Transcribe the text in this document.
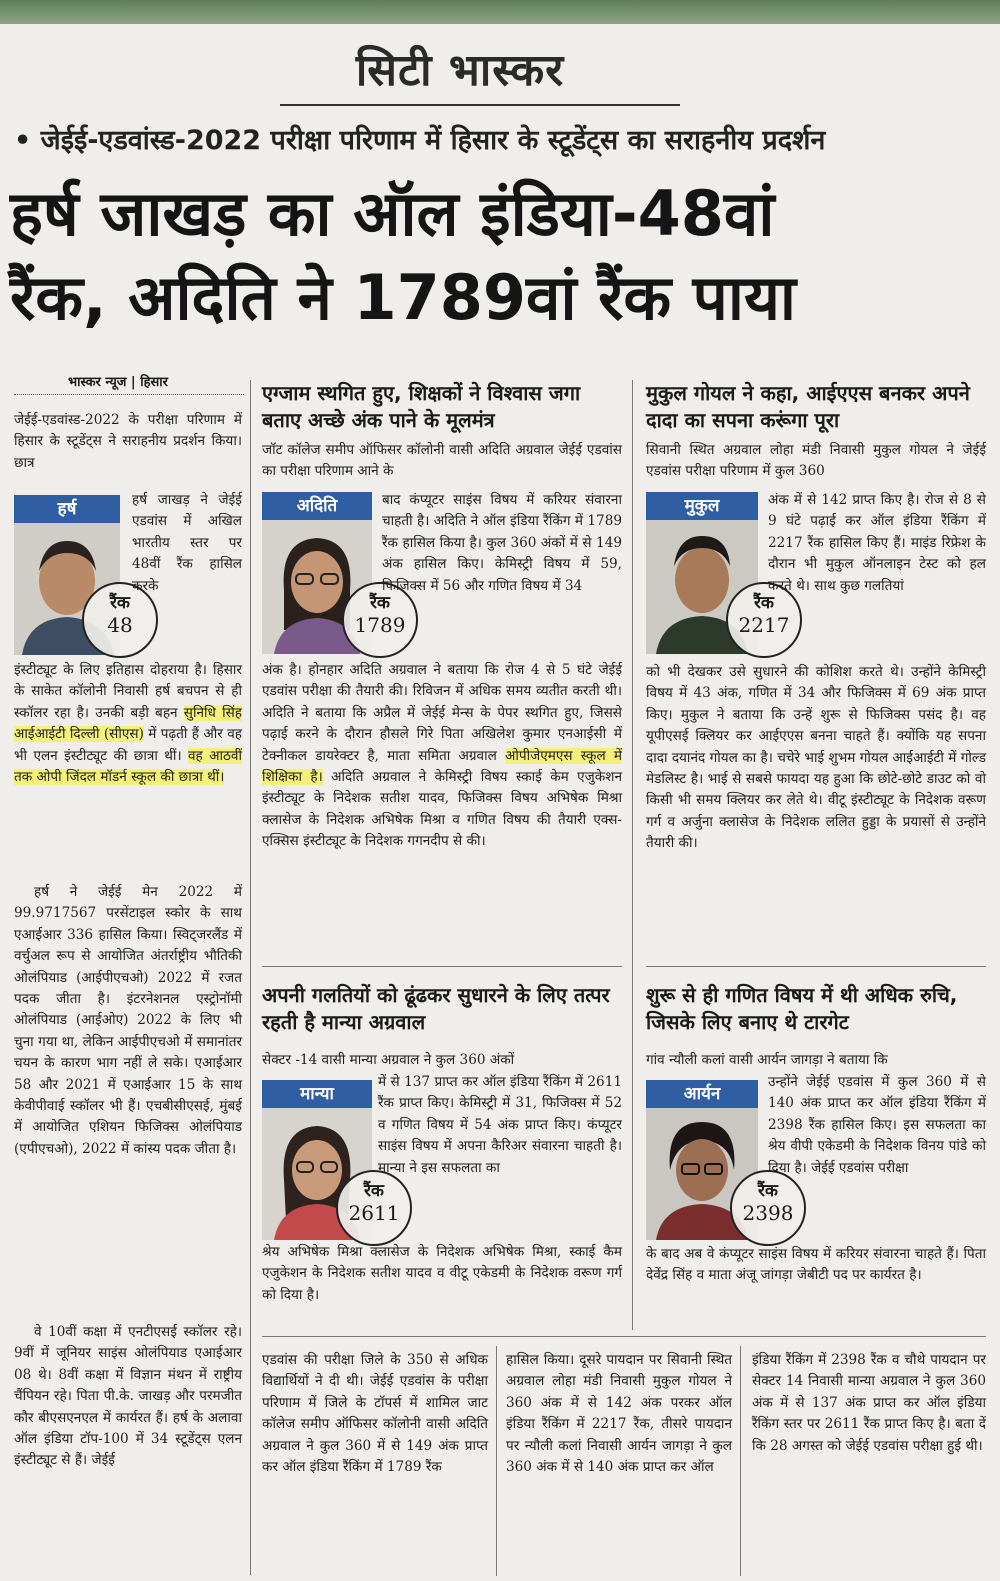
सिटी भास्कर
• जेईई-एडवांस्ड-2022 परीक्षा परिणाम में हिसार के स्टूडेंट्स का सराहनीय प्रदर्शन
हर्ष जाखड़ का ऑल इंडिया-48वां
रैंक, अदिति ने 1789वां रैंक पाया
भास्कर न्यूज | हिसार
जेईई-एडवांस्ड-2022 के परीक्षा परिणाम में हिसार के स्टूडेंट्स ने सराहनीय प्रदर्शन किया। छात्र
हर्ष
रैंक
48
हर्ष जाखड़ ने जेईई एडवांस में अखिल भारतीय स्तर पर 48वीं रैंक हासिल करके
इंस्टीट्यूट के लिए इतिहास दोहराया है। हिसार के साकेत कॉलोनी निवासी हर्ष बचपन से ही स्कॉलर रहा है। उनकी बड़ी बहन सुनिधि सिंह आईआईटी दिल्ली (सीएस) में पढ़ती हैं और वह भी एलन इंस्टीट्यूट की छात्रा थीं। वह आठवीं तक ओपी जिंदल मॉडर्न स्कूल की छात्रा थीं।
हर्ष ने जेईई मेन 2022 में 99.9717567 परसेंटाइल स्कोर के साथ एआईआर 336 हासिल किया। स्विट्जरलैंड में वर्चुअल रूप से आयोजित अंतर्राष्ट्रीय भौतिकी ओलंपियाड (आईपीएचओ) 2022 में रजत पदक जीता है। इंटरनेशनल एस्ट्रोनॉमी ओलंपियाड (आईओए) 2022 के लिए भी चुना गया था, लेकिन आईपीएचओ में समानांतर चयन के कारण भाग नहीं ले सके। एआईआर 58 और 2021 में एआईआर 15 के साथ केवीपीवाई स्कॉलर भी हैं। एचबीसीएसई, मुंबई में आयोजित एशियन फिजिक्स ओलंपियाड (एपीएचओ), 2022 में कांस्य पदक जीता है।
वे 10वीं कक्षा में एनटीएसई स्कॉलर रहे। 9वीं में जूनियर साइंस ओलंपियाड एआईआर 08 थे। 8वीं कक्षा में विज्ञान मंथन में राष्ट्रीय चैंपियन रहे। पिता पी.के. जाखड़ और परमजीत कौर बीएसएनएल में कार्यरत हैं। हर्ष के अलावा ऑल इंडिया टॉप-100 में 34 स्टूडेंट्स एलन इंस्टीट्यूट से हैं। जेईई
एग्जाम स्थगित हुए, शिक्षकों ने विश्वास जगा बताए अच्छे अंक पाने के मूलमंत्र
जॉट कॉलेज समीप ऑफिसर कॉलोनी वासी अदिति अग्रवाल जेईई एडवांस का परीक्षा परिणाम आने के
अदिति
रैंक
1789
बाद कंप्यूटर साइंस विषय में करियर संवारना चाहती है। अदिति ने ऑल इंडिया रैंकिंग में 1789 रैंक हासिल किया है। कुल 360 अंकों में से 149 अंक हासिल किए। केमिस्ट्री विषय में 59, फिजिक्स में 56 और गणित विषय में 34
अंक है। होनहार अदिति अग्रवाल ने बताया कि रोज 4 से 5 घंटे जेईई एडवांस परीक्षा की तैयारी की। रिविजन में अधिक समय व्यतीत करती थी। अदिति ने बताया कि अप्रैल में जेईई मेन्स के पेपर स्थगित हुए, जिससे पढ़ाई करने के दौरान हौसले गिरे पिता अखिलेश कुमार एनआईसी में टेक्नीकल डायरेक्टर है, माता समिता अग्रवाल ओपीजेएमएस स्कूल में शिक्षिका है। अदिति अग्रवाल ने केमिस्ट्री विषय स्काई केम एजुकेशन इंस्टीट्यूट के निदेशक सतीश यादव, फिजिक्स विषय अभिषेक मिश्रा क्लासेज के निदेशक अभिषेक मिश्रा व गणित विषय की तैयारी एक्स-एक्सिस इंस्टीट्यूट के निदेशक गगनदीप से की।
मुकुल गोयल ने कहा, आईएएस बनकर अपने दादा का सपना करूंगा पूरा
सिवानी स्थित अग्रवाल लोहा मंडी निवासी मुकुल गोयल ने जेईई एडवांस परीक्षा परिणाम में कुल 360
मुकुल
रैंक
2217
अंक में से 142 प्राप्त किए है। रोज से 8 से 9 घंटे पढ़ाई कर ऑल इंडिया रैंकिंग में 2217 रैंक हासिल किए हैं। माइंड रिफ्रेश के दौरान भी मुकुल ऑनलाइन टेस्ट को हल करते थे। साथ कुछ गलतियां
को भी देखकर उसे सुधारने की कोशिश करते थे। उन्होंने केमिस्ट्री विषय में 43 अंक, गणित में 34 और फिजिक्स में 69 अंक प्राप्त किए। मुकुल ने बताया कि उन्हें शुरू से फिजिक्स पसंद है। वह यूपीएसई क्लियर कर आईएएस बनना चाहते हैं। क्योंकि यह सपना दादा दयानंद गोयल का है। चचेरे भाई शुभम गोयल आईआईटी में गोल्ड मेडलिस्ट है। भाई से सबसे फायदा यह हुआ कि छोटे-छोटे डाउट को वो किसी भी समय क्लियर कर लेते थे। वीटू इंस्टीट्यूट के निदेशक वरूण गर्ग व अर्जुना क्लासेज के निदेशक ललित हुड्डा के प्रयासों से उन्होंने तैयारी की।
अपनी गलतियों को ढूंढकर सुधारने के लिए तत्पर रहती है मान्या अग्रवाल
सेक्टर -14 वासी मान्या अग्रवाल ने कुल 360 अंकों
मान्या
रैंक
2611
में से 137 प्राप्त कर ऑल इंडिया रैंकिंग में 2611 रैंक प्राप्त किए। केमिस्ट्री में 31, फिजिक्स में 52 व गणित विषय में 54 अंक प्राप्त किए। कंप्यूटर साइंस विषय में अपना कैरिअर संवारना चाहती है। मान्या ने इस सफलता का
श्रेय अभिषेक मिश्रा क्लासेज के निदेशक अभिषेक मिश्रा, स्काई कैम एजुकेशन के निदेशक सतीश यादव व वीटू एकेडमी के निदेशक वरूण गर्ग को दिया है।
शुरू से ही गणित विषय में थी अधिक रुचि, जिसके लिए बनाए थे टारगेट
गांव न्यौली कलां वासी आर्यन जागड़ा ने बताया कि
आर्यन
रैंक
2398
उन्होंने जेईई एडवांस में कुल 360 में से 140 अंक प्राप्त कर ऑल इंडिया रैंकिंग में 2398 रैंक हासिल किए। इस सफलता का श्रेय वीपी एकेडमी के निदेशक विनय पांडे को दिया है। जेईई एडवांस परीक्षा
के बाद अब वे कंप्यूटर साइंस विषय में करियर संवारना चाहते हैं। पिता देवेंद्र सिंह व माता अंजू जांगड़ा जेबीटी पद पर कार्यरत है।
एडवांस की परीक्षा जिले के 350 से अधिक विद्यार्थियों ने दी थी। जेईई एडवांस के परीक्षा परिणाम में जिले के टॉपर्स में शामिल जाट कॉलेज समीप ऑफिसर कॉलोनी वासी अदिति अग्रवाल ने कुल 360 में से 149 अंक प्राप्त कर ऑल इंडिया रैंकिंग में 1789 रैंक
हासिल किया। दूसरे पायदान पर सिवानी स्थित अग्रवाल लोहा मंडी निवासी मुकुल गोयल ने 360 अंक में से 142 अंक परकर ऑल इंडिया रैंकिंग में 2217 रैंक, तीसरे पायदान पर न्यौली कलां निवासी आर्यन जागड़ा ने कुल 360 अंक में से 140 अंक प्राप्त कर ऑल
इंडिया रैंकिंग में 2398 रैंक व चौथे पायदान पर सेक्टर 14 निवासी मान्या अग्रवाल ने कुल 360 अंक में से 137 अंक प्राप्त कर ऑल इंडिया रैंकिंग स्तर पर 2611 रैंक प्राप्त किए है। बता दें कि 28 अगस्त को जेईई एडवांस परीक्षा हुई थी।
